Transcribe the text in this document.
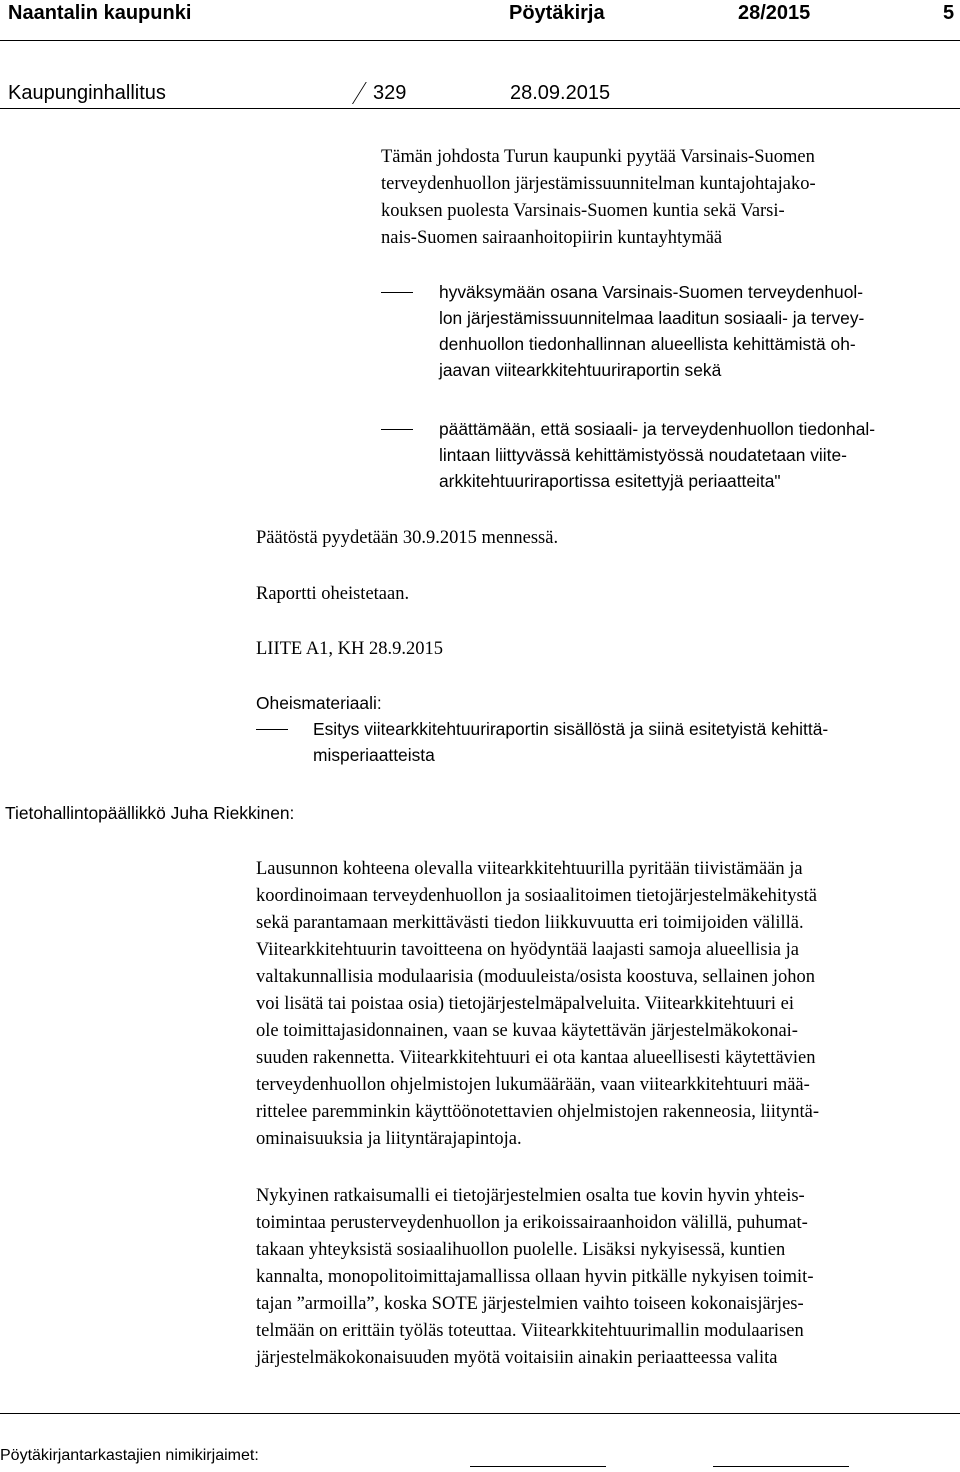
Naantalin kaupunki	Pöytäkirja	28/2015	5
Kaupunginhallitus	329	28.09.2015
Tämän johdosta Turun kaupunki pyytää Varsinais-Suomen
terveydenhuollon järjestämissuunnitelman kuntajohtajako-
kouksen puolesta Varsinais-Suomen kuntia sekä Varsi-
nais-Suomen sairaanhoitopiirin kuntayhtymää
hyväksymään osana Varsinais-Suomen terveydenhuol-
lon järjestämissuunnitelmaa laaditun sosiaali- ja tervey-
denhuollon tiedonhallinnan alueellista kehittämistä oh-
jaavan viitearkkitehtuuriraportin sekä
päättämään, että sosiaali- ja terveydenhuollon tiedonhal-
lintaan liittyvässä kehittämistyössä noudatetaan viite-
arkkitehtuuriraportissa esitettyjä periaatteita"
Päätöstä pyydetään 30.9.2015 mennessä.
Raportti oheistetaan.
LIITE A1, KH 28.9.2015
Oheismateriaali:
Esitys viitearkkitehtuuriraportin sisällöstä ja siinä esitetyistä kehittä-
misperiaatteista
Tietohallintopäällikkö Juha Riekkinen:
Lausunnon kohteena olevalla viitearkkitehtuurilla pyritään tiivistämään ja
koordinoimaan terveydenhuollon ja sosiaalitoimen tietojärjestelmäkehitystä
sekä parantamaan merkittävästi tiedon liikkuvuutta eri toimijoiden välillä.
Viitearkkitehtuurin tavoitteena on hyödyntää laajasti samoja alueellisia ja
valtakunnallisia modulaarisia (moduuleista/osista koostuva, sellainen johon
voi lisätä tai poistaa osia) tietojärjestelmäpalveluita. Viitearkkitehtuuri ei
ole toimittajasidonnainen, vaan se kuvaa käytettävän järjestelmäkokonai-
suuden rakennetta. Viitearkkitehtuuri ei ota kantaa alueellisesti käytettävien
terveydenhuollon ohjelmistojen lukumäärään, vaan viitearkkitehtuuri mää-
rittelee paremminkin käyttöönotettavien ohjelmistojen rakenneosia, liityntä-
ominaisuuksia ja liityntärajapintoja.
Nykyinen ratkaisumalli ei tietojärjestelmien osalta tue kovin hyvin yhteis-
toimintaa perusterveydenhuollon ja erikoissairaanhoidon välillä, puhumat-
takaan yhteyksistä sosiaalihuollon puolelle. Lisäksi nykyisessä, kuntien
kannalta, monopolitoimittajamallissa ollaan hyvin pitkälle nykyisen toimit-
tajan ”armoilla”, koska SOTE järjestelmien vaihto toiseen kokonaisjärjes-
telmään on erittäin työläs toteuttaa. Viitearkkitehtuurimallin modulaarisen
järjestelmäkokonaisuuden myötä voitaisiin ainakin periaatteessa valita
Pöytäkirjantarkastajien nimikirjaimet:
